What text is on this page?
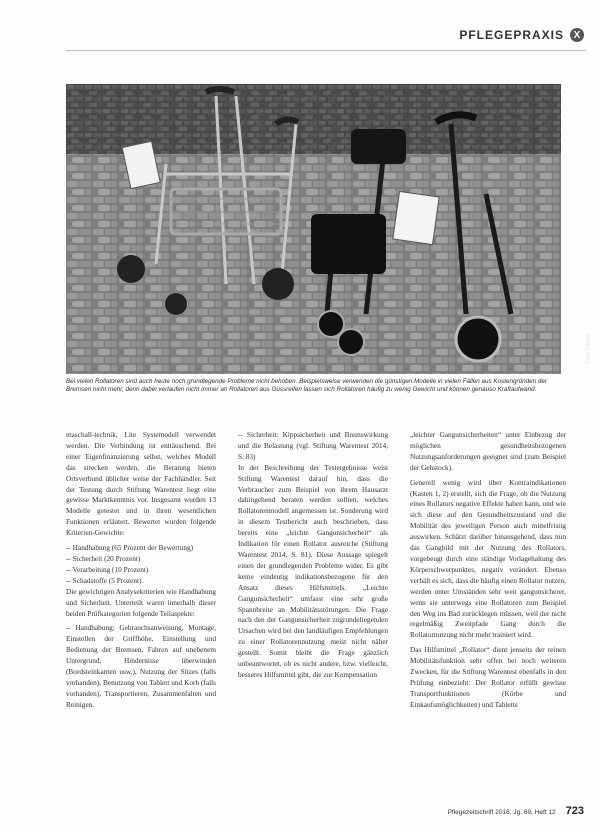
PFLEGEPRAXIS X
Foto: Trilinski
Bei vielen Rollatoren sind auch heute noch grundlegende Probleme nicht behoben. Beispielsweise verwenden die günstigen Modelle in vielen Fällen aus Kostengründen der Bremsen nicht mehr, denn dabei verlaufen nicht immer an Rollatoren aus Gussreifen lassen sich Rollatoren häufig zu wenig Gewicht und können genauso Kraftaufwand.

maschall-technik, Lite Systemodell verwendet werden. Die Verbindung ist enttäuschend. Bei einer Eigenfinanzierung selbst, welches Modell das strecken werden, die Beratung bieten Ortsverbund üblicher weise der Fachhändler. Seit der Testung durch Stiftung Warentest liegt eine gewisse Marktkenntnis vor. Insgesamt wurden 13 Modelle getestet und in ihren wesentlichen Funktionen erläutert. Bewertet wurden folgende Kriterien-Gewichte:

-- Handhabung (65 Prozent der Bewertung)

-- Sicherheit (20 Prozent)

-- Verarbeitung (10 Prozent)

-- Schadstoffe (5 Prozent).

Die gewichtigen Analysekriterien wie Handhabung und Sicherheit. Unterteilt waren innerhalb dieser beiden Prüfkategorien folgende Teilaspekte:

-- Handhabung: Gebrauchsanweisung, Montage, Einstellen der Griffhöhe, Einstellung und Bedienung der Bremsen, Fahren auf unebenem Untergrund, Hindernisse überwinden (Bordsteinkanten usw.), Nutzung der Sitzes (falls vorhanden), Benutzung von Tablett und Korb (falls vorhanden), Transportieren, Zusammenfalten und Reinigen.

-- Sicherheit: Kippsicherheit und Bremswirkung und die Belastung (vgl. Stiftung Warentest 2014, S. 83)

In der Beschreibung der Testergebnisse weist Stiftung Warentest darauf hin, dass die Verbraucher zum Beispiel von ihrem Hausarzt dahingehend beraten werden sollten, welches Rollatorenmodell angemessen ist. Sonderung wird in diesem Testbericht auch beschrieben, dass bereits eine „leichte Gangunsicherheit“ als Indikation für einen Rollator ausreiche (Stiftung Warentest 2014, S. 81). Diese Aussage spiegelt einen der grundlegenden Probleme wider. Es gibt keine eindeutig indikationsbezogene für den Ansatz dieses Hilfsmittels. „Leichte Gangunsicherheit“ umfasst eine sehr große Spannbreite an Mobilitätsstörungen. Die Frage nach den der Gangunsicherheit zugrundeliegenden Ursachen wird bei den landläufigen Empfehlungen zu einer Rollatorennutzung meist nicht näher gestellt. Somit bleibt die Frage gänzlich unbeantwortet, ob es nicht andere, bzw. vielleicht, besseres Hilfsmittel gibt, die zur Kompensation

„leichter Gangunsicherheiten“ unter Einbezug der möglichen gesundheitsbezogenen Nutzungsanforderungen geeignet sind (zum Beispiel der Gehstock).

Generell wenig wird über Kontraindikationen (Kasten 1, 2) erstellt, sich die Frage, ob die Nutzung eines Rollators negative Effekte haben kann, und wie sich diese auf den Gesundheitszustand und die Mobilität des jeweiligen Person auch mittelfristig auswirken. Schätzt darüber hinausgehend, dass nun das Gangbild mit der Nutzung des Rollators, vorgebeugt durch eine ständige Vorlagehaltung des Körperschwerpunktes, negativ verändert. Ebenso verhält es sich, dass die häufig einen Rollator nutzen, werden unter Umständen sehr weit gangunsicherer, wenn sie unterwegs eine Rollatoren zum Beispiel den Weg ins Bad zurücklegen müssen, weil der nicht regelmäßig Zweitpfade Gang durch die Rollatornutzung nicht mehr trainiert wird.

Das Hilfsmittel „Rollator“ dient jenseits der reinen Mobilitätsfunktion sehr offen bei noch weiteren Zwecken, für die Stiftung Warentest ebenfalls in den Prüfung einbezieht: Der Rollator erfüllt gewisse Transportfunktionen (Körbe und Einkaufsmöglichkeiten) und Tabletts

Pflegezeitschrift 2016, Jg. 69, Heft 12 723
